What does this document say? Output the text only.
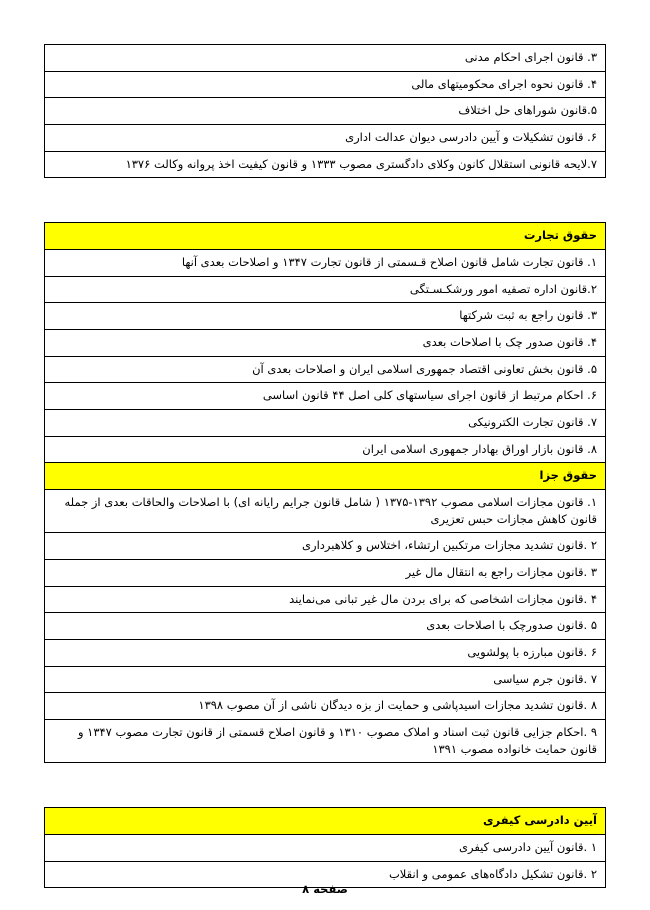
۳. قانون اجرای احکام مدنی
۴. قانون نحوه اجرای محکومیتهای مالی
۵.قانون شوراهای حل اختلاف
۶. قانون تشکیلات و آیین دادرسی دیوان عدالت اداری
۷.لایحه قانونی استقلال کانون وکلای دادگستری مصوب ۱۳۳۳ و قانون کیفیت اخذ پروانه وکالت ۱۳۷۶
حقوق تجارت
۱. قانون تجارت شامل قانون اصلاح قـسمتی از قانون تجارت ۱۳۴۷ و اصلاحات بعدی آنها
۲.قانون اداره تصفیه امور ورشکـسـتگی
۳. قانون راجع به ثبت شرکتها
۴. قانون صدور چک با اصلاحات بعدی
۵. قانون بخش تعاونی اقتصاد جمهوری اسلامی ایران و اصلاحات بعدی آن
۶. احکام مرتبط از قانون اجرای سیاستهای کلی اصل ۴۴ قانون اساسی
۷. قانون تجارت الکترونیکی
۸. قانون بازار اوراق بهادار جمهوری اسلامی ایران
حقوق جزا
۱. قانون مجازات اسلامی مصوب ۱۳۹۲-۱۳۷۵ ( شامل قانون جرایم رایانه ای) با اصلاحات والحاقات بعدی از جمله قانون کاهش مجازات حبس تعزیری
۲ .قانون تشدید مجازات مرتکبین ارتشاء، اختلاس و کلاهبرداری
۳ .قانون مجازات راجع به انتقال مال غیر
۴ .قانون مجازات اشخاصی که برای بردن مال غیر تبانی می‌نمایند
۵ .قانون صدورچک با اصلاحات بعدی
۶ .قانون مبارزه با پولشویی
۷ .قانون جرم سیاسی
۸ .قانون تشدید مجازات اسیدپاشی و حمایت از بزه دیدگان ناشی از آن مصوب ۱۳۹۸
۹ .احکام جزایی قانون ثبت اسناد و املاک مصوب ۱۳۱۰ و قانون اصلاح قسمتی از قانون تجارت مصوب ۱۳۴۷ و قانون حمایت خانواده مصوب ۱۳۹۱
آیین دادرسی کیفری
۱ .قانون آیین دادرسی کیفری
۲ .قانون تشکیل دادگاه‌های عمومی و انقلاب
صفحه ۸
